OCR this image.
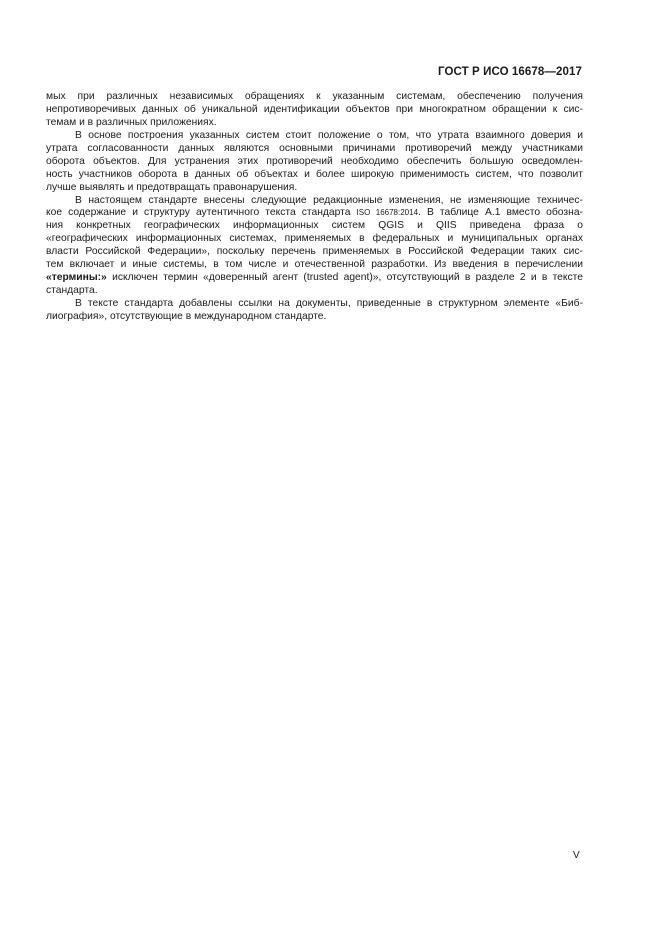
ГОСТ Р ИСО 16678—2017
мых при различных независимых обращениях к указанным системам, обеспечению получения
непротиворечивых данных об уникальной идентификации объектов при многократном обращении к сис-
темам и в различных приложениях.
В основе построения указанных систем стоит положение о том, что утрата взаимного доверия и
утрата согласованности данных являются основными причинами противоречий между участниками
оборота объектов. Для устранения этих противоречий необходимо обеспечить большую осведомлен-
ность участников оборота в данных об объектах и более широкую применимость систем, что позволит
лучше выявлять и предотвращать правонарушения.
В настоящем стандарте внесены следующие редакционные изменения, не изменяющие техничес-
кое содержание и структуру аутентичного текста стандарта ISO 16678:2014. В таблице А.1 вместо обозна-
ния конкретных географических информационных систем QGIS и QIIS приведена фраза о
«географических информационных системах, применяемых в федеральных и муниципальных органах
власти Российской Федерации», поскольку перечень применяемых в Российской Федерации таких сис-
тем включает и иные системы, в том числе и отечественной разработки. Из введения в перечислении
«термины:» исключен термин «доверенный агент (trusted agent)», отсутствующий в разделе 2 и в тексте
стандарта.
В тексте стандарта добавлены ссылки на документы, приведенные в структурном элементе «Биб-
лиография», отсутствующие в международном стандарте.
V
